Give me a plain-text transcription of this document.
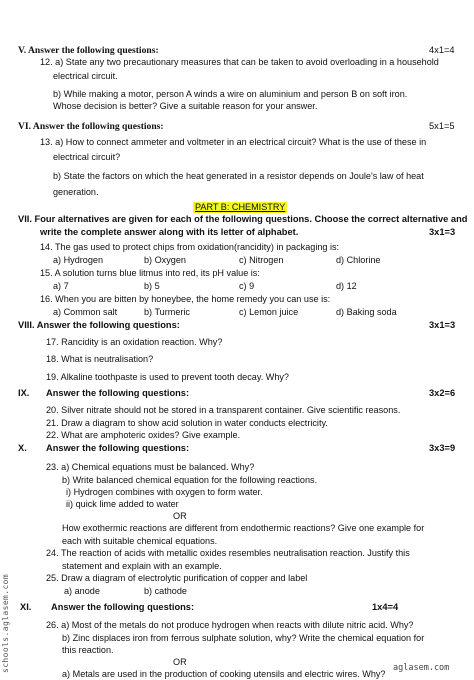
V. Answer the following questions:	4x1=4
12. a) State any two precautionary measures that can be taken to avoid overloading in a household
electrical circuit.
b) While making a motor, person A winds a wire on aluminium and person B on soft iron.
Whose decision is better? Give a suitable reason for your answer.
VI. Answer the following questions:	5x1=5
13. a) How to connect ammeter and voltmeter in an electrical circuit? What is the use of these in
electrical circuit?
b) State the factors on which the heat generated in a resistor depends on Joule's law of heat
generation.
PART B: CHEMISTRY
VII. Four alternatives are given for each of the following questions. Choose the correct alternative and
write the complete answer along with its letter of alphabet.	3x1=3
14. The gas used to protect chips from oxidation(rancidity) in packaging is:
a) Hydrogen	b) Oxygen	c) Nitrogen	d) Chlorine
15. A solution turns blue litmus into red, its pH value is:
a) 7	b) 5	c) 9	d) 12
16. When you are bitten by honeybee, the home remedy you can use is:
a) Common salt	b) Turmeric	c) Lemon juice	d) Baking soda
VIII. Answer the following questions:	3x1=3
17. Rancidity is an oxidation reaction. Why?
18. What is neutralisation?
19. Alkaline toothpaste is used to prevent tooth decay. Why?
IX. Answer the following questions:	3x2=6
20. Silver nitrate should not be stored in a transparent container. Give scientific reasons.
21. Draw a diagram to show acid solution in water conducts electricity.
22. What are amphoteric oxides? Give example.
X. Answer the following questions:	3x3=9
23. a) Chemical equations must be balanced. Why?
b) Write balanced chemical equation for the following reactions.
i) Hydrogen combines with oxygen to form water.
ii) quick lime added to water
OR
How exothermic reactions are different from endothermic reactions? Give one example for
each with suitable chemical equations.
24. The reaction of acids with metallic oxides resembles neutralisation reaction. Justify this
statement and explain with an example.
25. Draw a diagram of electrolytic purification of copper and label
a) anode	b) cathode
XI. Answer the following questions:	1x4=4
26. a) Most of the metals do not produce hydrogen when reacts with dilute nitric acid. Why?
b) Zinc displaces iron from ferrous sulphate solution, why? Write the chemical equation for
this reaction.
OR
a) Metals are used in the production of cooking utensils and electric wires. Why?
schools.aglasem.com	aglasem.com
